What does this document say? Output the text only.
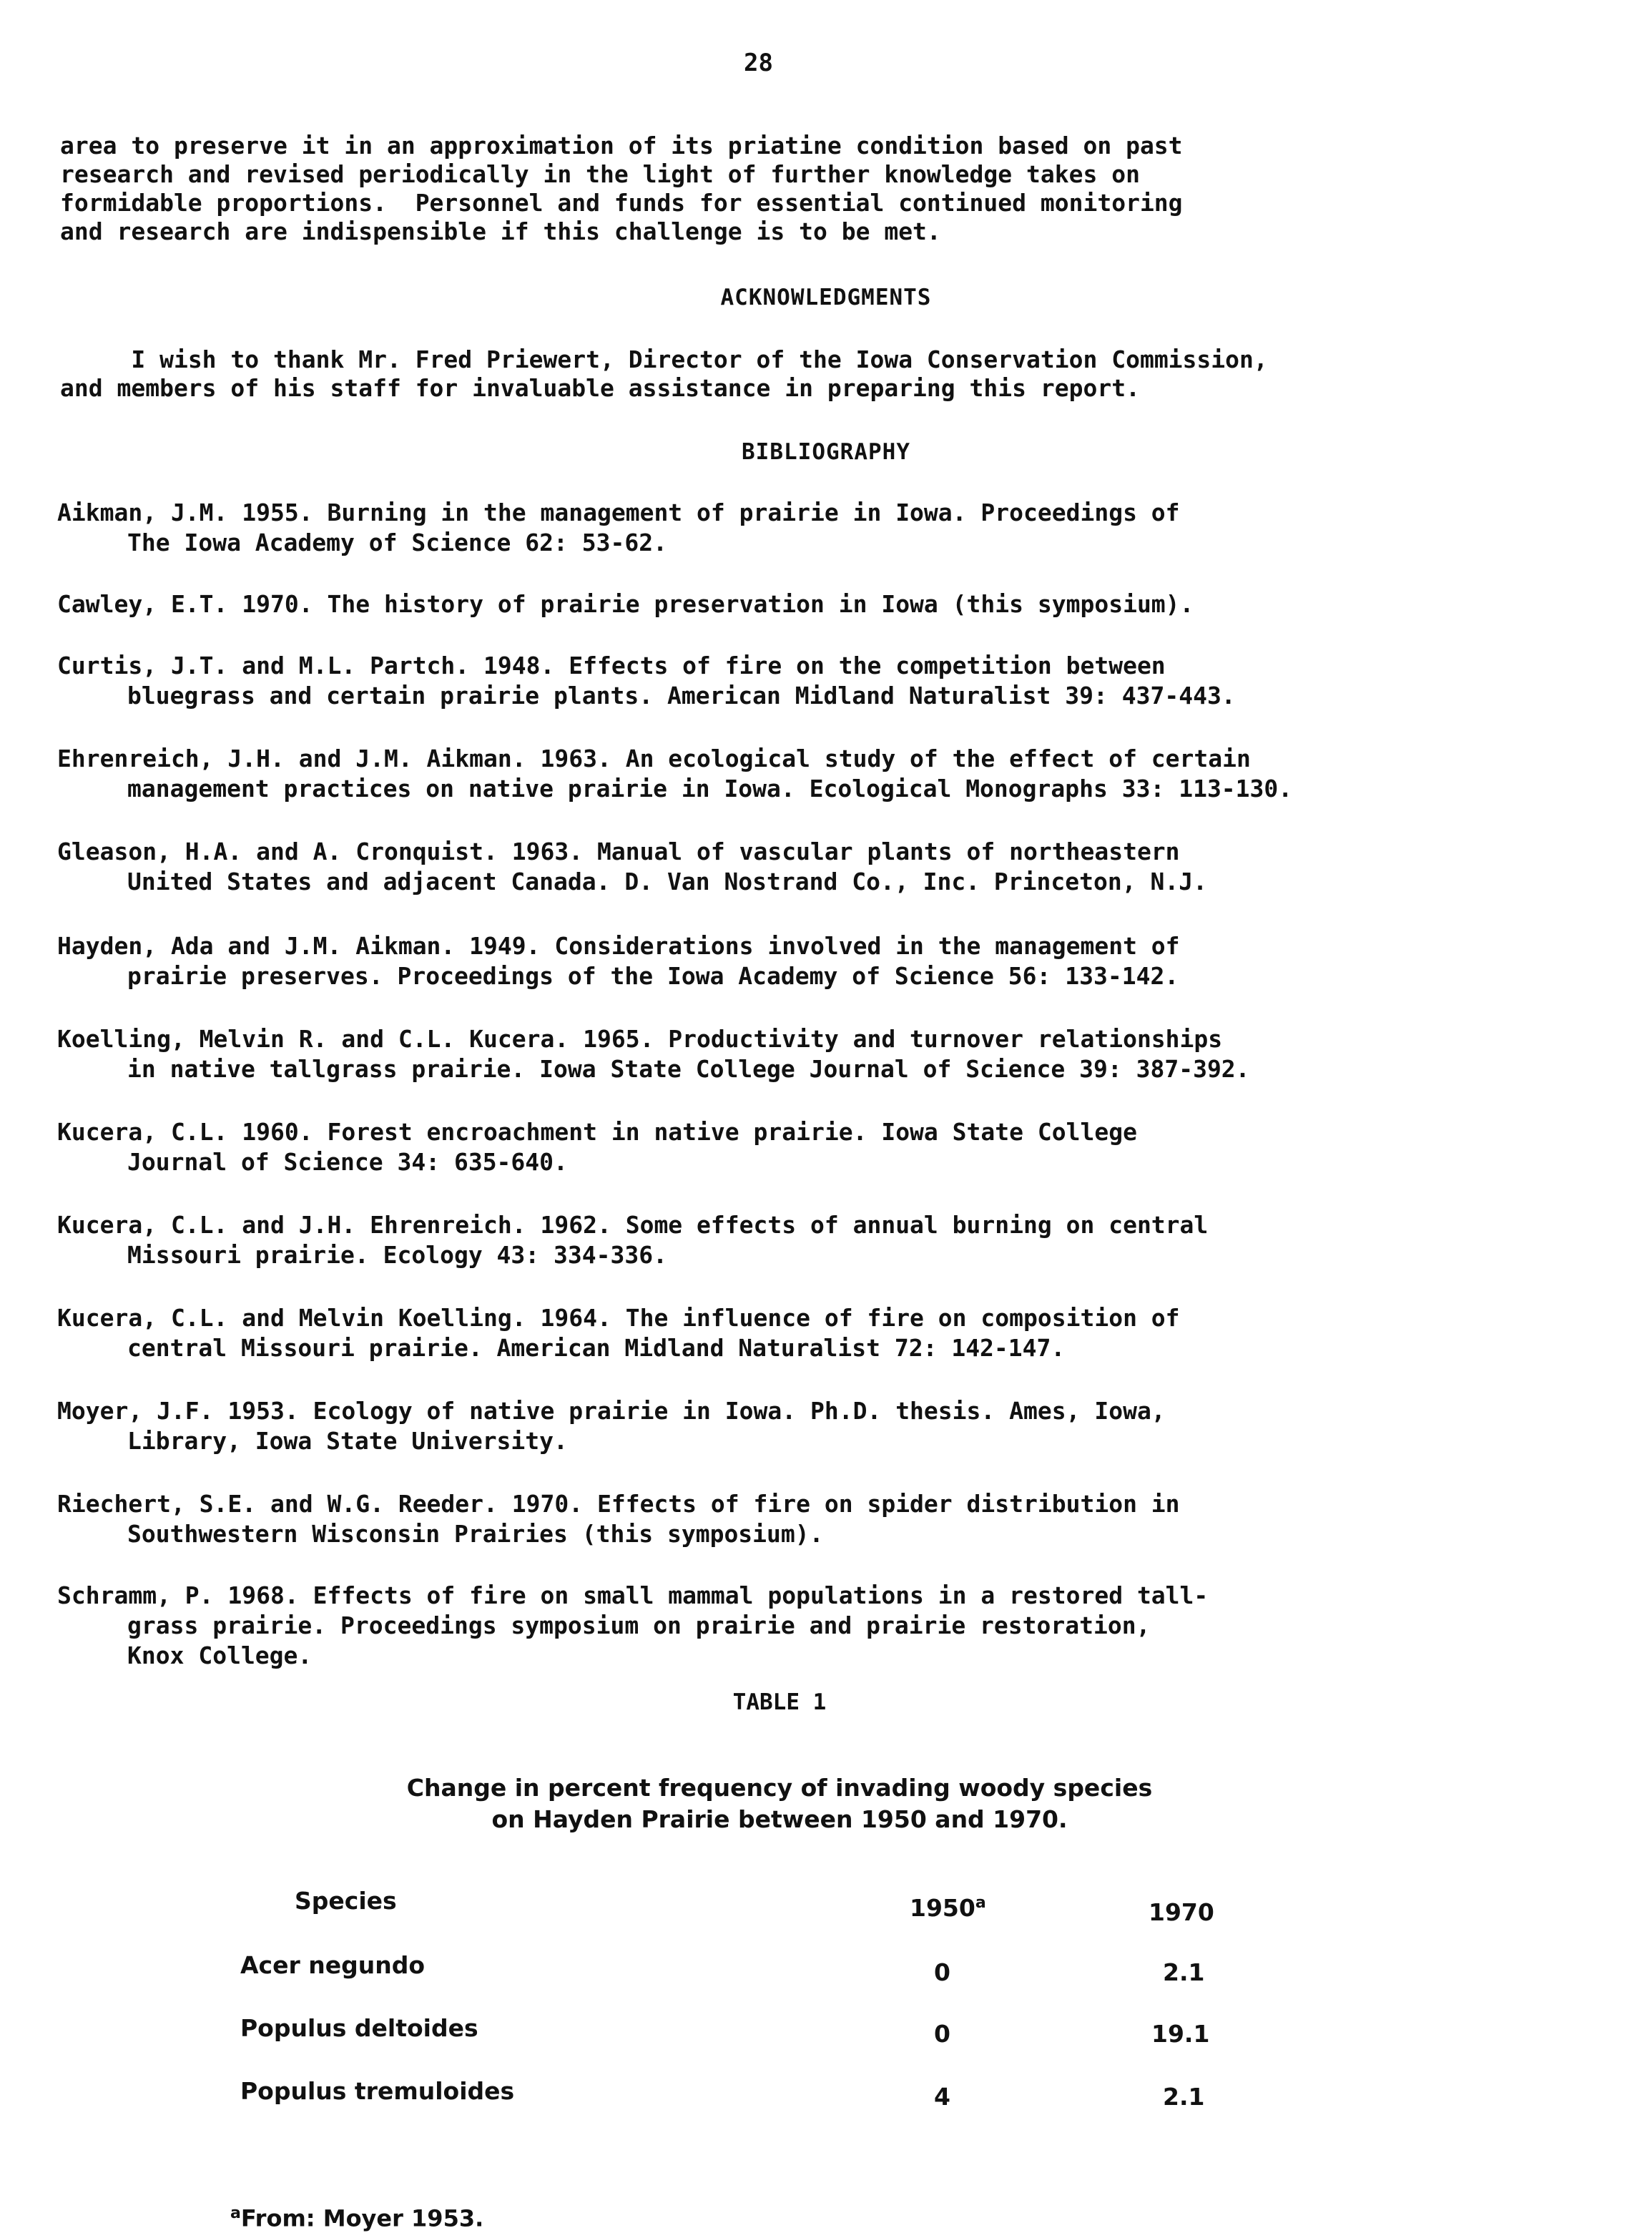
28
area to preserve it in an approximation of its priatine condition based on past
research and revised periodically in the light of further knowledge takes on
formidable proportions.  Personnel and funds for essential continued monitoring
and research are indispensible if this challenge is to be met.
ACKNOWLEDGMENTS
I wish to thank Mr. Fred Priewert, Director of the Iowa Conservation Commission,
and members of his staff for invaluable assistance in preparing this report.
BIBLIOGRAPHY
Aikman, J.M. 1955. Burning in the management of prairie in Iowa. Proceedings of
The Iowa Academy of Science 62: 53-62.
Cawley, E.T. 1970. The history of prairie preservation in Iowa (this symposium).
Curtis, J.T. and M.L. Partch. 1948. Effects of fire on the competition between
bluegrass and certain prairie plants. American Midland Naturalist 39: 437-443.
Ehrenreich, J.H. and J.M. Aikman. 1963. An ecological study of the effect of certain
management practices on native prairie in Iowa. Ecological Monographs 33: 113-130.
Gleason, H.A. and A. Cronquist. 1963. Manual of vascular plants of northeastern
United States and adjacent Canada. D. Van Nostrand Co., Inc. Princeton, N.J.
Hayden, Ada and J.M. Aikman. 1949. Considerations involved in the management of
prairie preserves. Proceedings of the Iowa Academy of Science 56: 133-142.
Koelling, Melvin R. and C.L. Kucera. 1965. Productivity and turnover relationships
in native tallgrass prairie. Iowa State College Journal of Science 39: 387-392.
Kucera, C.L. 1960. Forest encroachment in native prairie. Iowa State College
Journal of Science 34: 635-640.
Kucera, C.L. and J.H. Ehrenreich. 1962. Some effects of annual burning on central
Missouri prairie. Ecology 43: 334-336.
Kucera, C.L. and Melvin Koelling. 1964. The influence of fire on composition of
central Missouri prairie. American Midland Naturalist 72: 142-147.
Moyer, J.F. 1953. Ecology of native prairie in Iowa. Ph.D. thesis. Ames, Iowa,
Library, Iowa State University.
Riechert, S.E. and W.G. Reeder. 1970. Effects of fire on spider distribution in
Southwestern Wisconsin Prairies (this symposium).
Schramm, P. 1968. Effects of fire on small mammal populations in a restored tall-
grass prairie. Proceedings symposium on prairie and prairie restoration,
Knox College.
TABLE 1
Change in percent frequency of invading woody species
on Hayden Prairie between 1950 and 1970.
Species	1950$^a$	1970
Acer negundo	0	2.1
Populus deltoides	0	19.1
Populus tremuloides	4	2.1
$^a$From: Moyer 1953.
